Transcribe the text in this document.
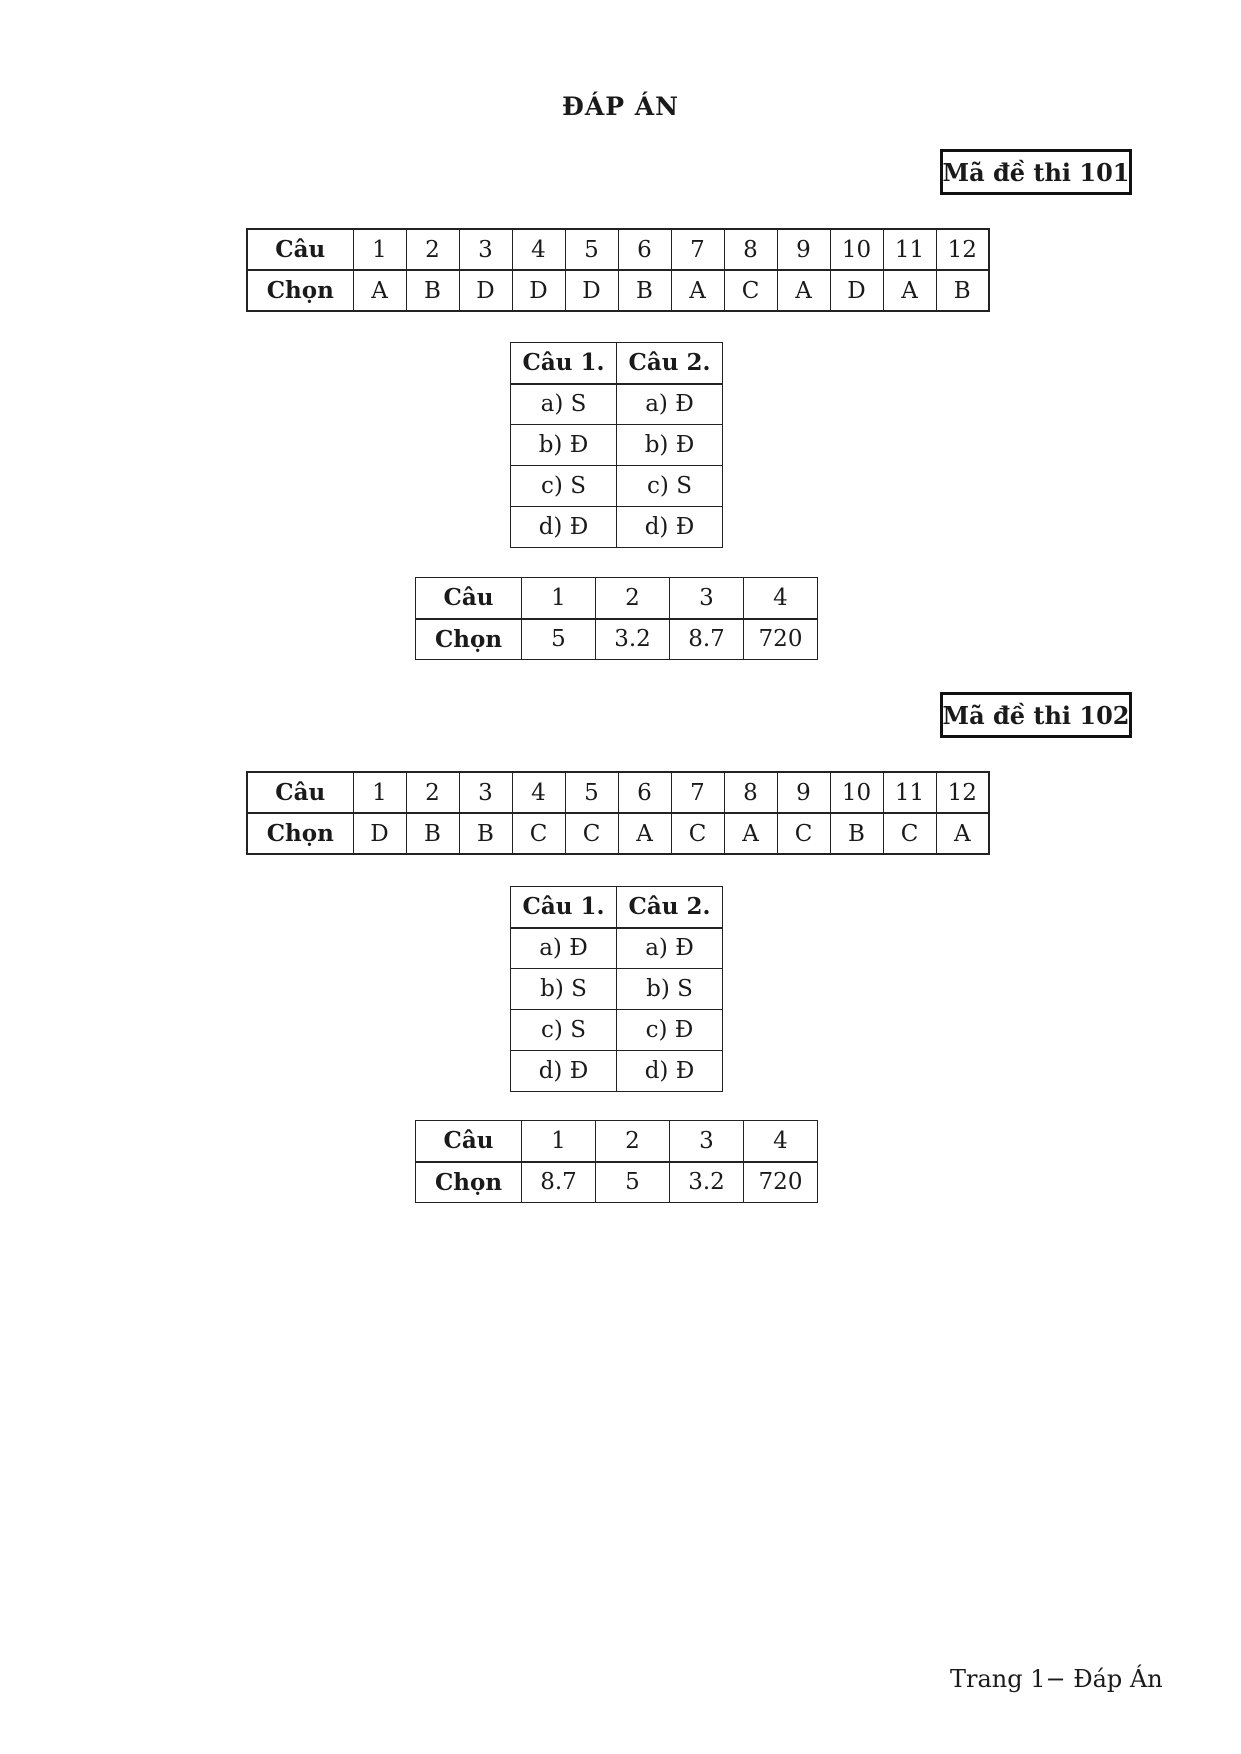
ĐÁP ÁN
Mã đề thi 101
Câu	1	2	3	4	5	6	7	8	9	10	11	12
Chọn	A	B	D	D	D	B	A	C	A	D	A	B
Câu 1.	Câu 2.
a) S	a) Đ
b) Đ	b) Đ
c) S	c) S
d) Đ	d) Đ
Câu	1	2	3	4
Chọn	5	3.2	8.7	720
Mã đề thi 102
Câu	1	2	3	4	5	6	7	8	9	10	11	12
Chọn	D	B	B	C	C	A	C	A	C	B	C	A
Câu 1.	Câu 2.
a) Đ	a) Đ
b) S	b) S
c) S	c) Đ
d) Đ	d) Đ
Câu	1	2	3	4
Chọn	8.7	5	3.2	720
Trang 1− Đáp Án
